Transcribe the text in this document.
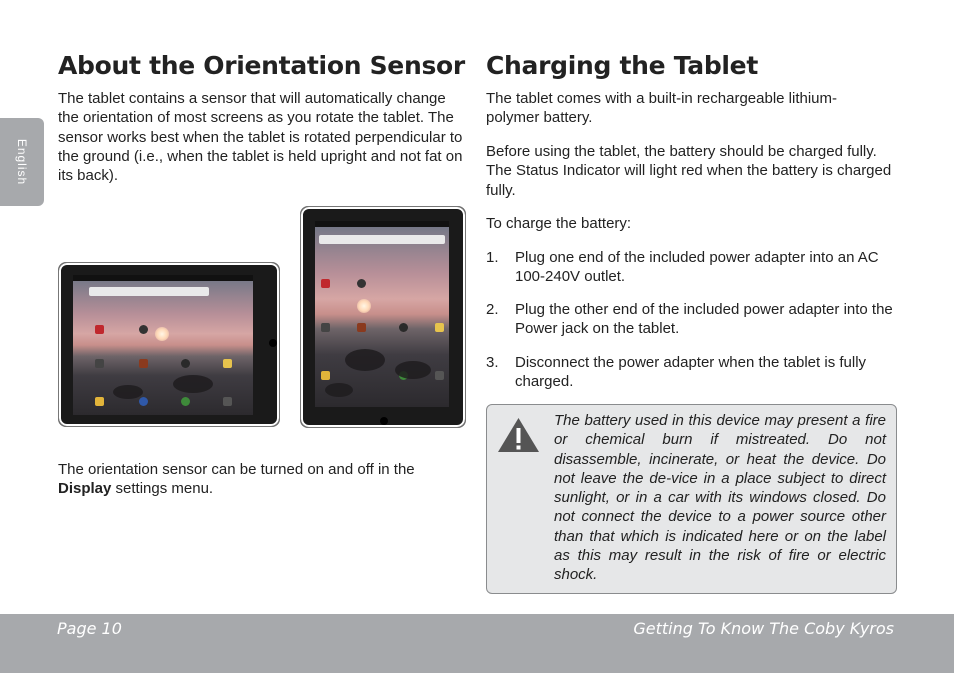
English
About the Orientation Sensor
The tablet contains a sensor that will automatically change the orientation of most screens as you rotate the tablet. The sensor works best when the tablet is rotated perpendicular to the ground (i.e., when the tablet is held upright and not fat on its back).
The orientation sensor can be turned on and off in the
Display settings menu.
Charging the Tablet
The tablet comes with a built-in rechargeable lithium-polymer battery.
Before using the tablet, the battery should be charged fully. The Status Indicator will light red when the battery is charged fully.
To charge the battery:
1. Plug one end of the included power adapter into an AC 100-240V outlet.
2. Plug the other end of the included power adapter into the Power jack on the tablet.
3. Disconnect the power adapter when the tablet is fully charged.
The battery used in this device may present a fire or chemical burn if mistreated. Do not disassemble, incinerate, or heat the device. Do not leave the de-vice in a place subject to direct sunlight, or in a car with its windows closed. Do not connect the device to a power source other than that which is indicated here or on the label as this may result in the risk of fire or electric shock.
Page 10	Getting To Know The Coby Kyros
